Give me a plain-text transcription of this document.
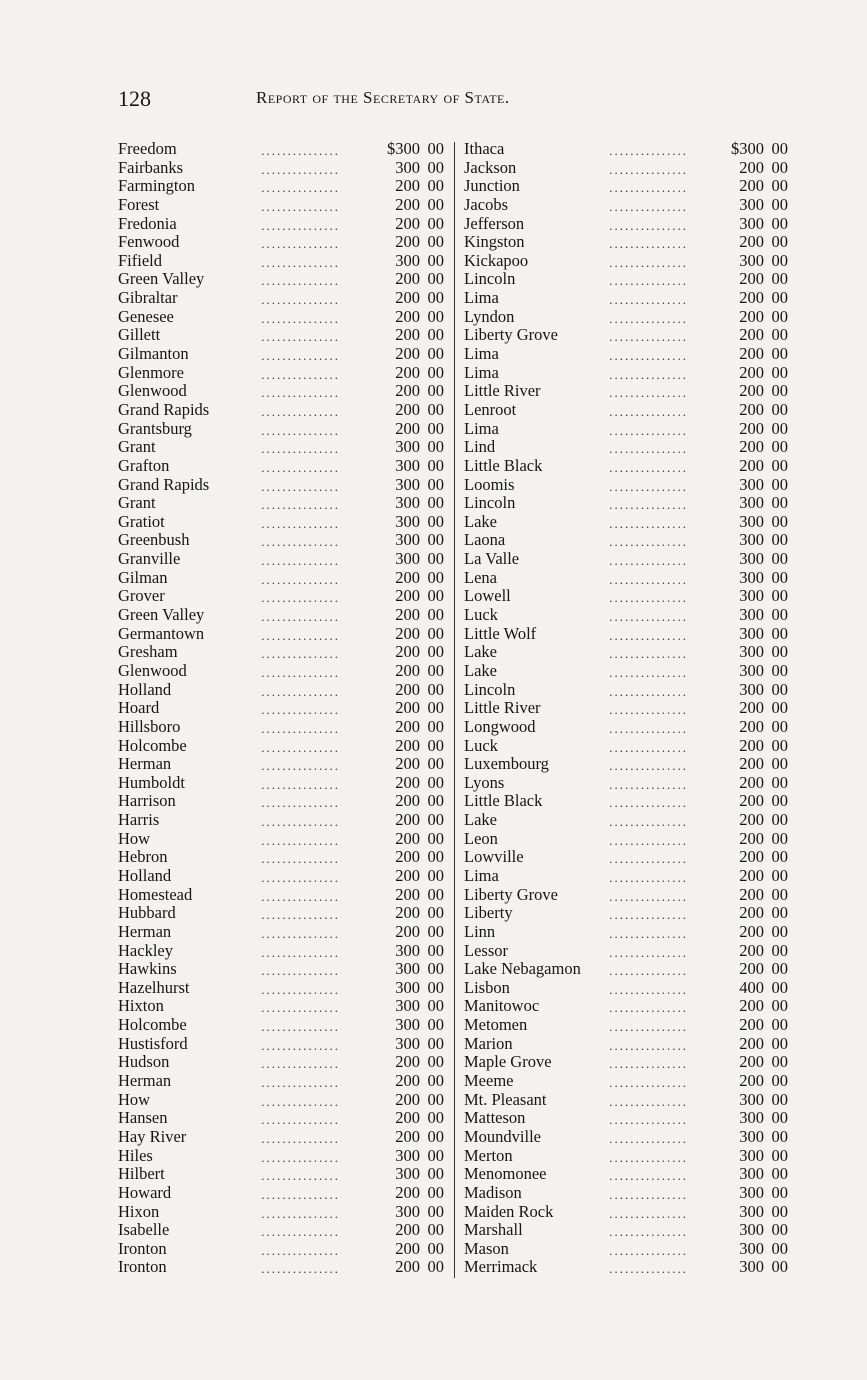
128	Report of the Secretary of State.
Freedom	...............	$300 00
Fairbanks	...............	300 00
Farmington	...............	200 00
Forest	...............	200 00
Fredonia	...............	200 00
Fenwood	...............	200 00
Fifield	...............	300 00
Green Valley	...............	200 00
Gibraltar	...............	200 00
Genesee	...............	200 00
Gillett	...............	200 00
Gilmanton	...............	200 00
Glenmore	...............	200 00
Glenwood	...............	200 00
Grand Rapids	...............	200 00
Grantsburg	...............	200 00
Grant	...............	300 00
Grafton	...............	300 00
Grand Rapids	...............	300 00
Grant	...............	300 00
Gratiot	...............	300 00
Greenbush	...............	300 00
Granville	...............	300 00
Gilman	...............	200 00
Grover	...............	200 00
Green Valley	...............	200 00
Germantown	...............	200 00
Gresham	...............	200 00
Glenwood	...............	200 00
Holland	...............	200 00
Hoard	...............	200 00
Hillsboro	...............	200 00
Holcombe	...............	200 00
Herman	...............	200 00
Humboldt	...............	200 00
Harrison	...............	200 00
Harris	...............	200 00
How	...............	200 00
Hebron	...............	200 00
Holland	...............	200 00
Homestead	...............	200 00
Hubbard	...............	200 00
Herman	...............	200 00
Hackley	...............	300 00
Hawkins	...............	300 00
Hazelhurst	...............	300 00
Hixton	...............	300 00
Holcombe	...............	300 00
Hustisford	...............	300 00
Hudson	...............	200 00
Herman	...............	200 00
How	...............	200 00
Hansen	...............	200 00
Hay River	...............	200 00
Hiles	...............	300 00
Hilbert	...............	300 00
Howard	...............	200 00
Hixon	...............	300 00
Isabelle	...............	200 00
Ironton	...............	200 00
Ironton	...............	200 00
Ithaca	...............	$300 00
Jackson	...............	200 00
Junction	...............	200 00
Jacobs	...............	300 00
Jefferson	...............	300 00
Kingston	...............	200 00
Kickapoo	...............	300 00
Lincoln	...............	200 00
Lima	...............	200 00
Lyndon	...............	200 00
Liberty Grove	...............	200 00
Lima	...............	200 00
Lima	...............	200 00
Little River	...............	200 00
Lenroot	...............	200 00
Lima	...............	200 00
Lind	...............	200 00
Little Black	...............	200 00
Loomis	...............	300 00
Lincoln	...............	300 00
Lake	...............	300 00
Laona	...............	300 00
La Valle	...............	300 00
Lena	...............	300 00
Lowell	...............	300 00
Luck	...............	300 00
Little Wolf	...............	300 00
Lake	...............	300 00
Lake	...............	300 00
Lincoln	...............	300 00
Little River	...............	200 00
Longwood	...............	200 00
Luck	...............	200 00
Luxembourg	...............	200 00
Lyons	...............	200 00
Little Black	...............	200 00
Lake	...............	200 00
Leon	...............	200 00
Lowville	...............	200 00
Lima	...............	200 00
Liberty Grove	...............	200 00
Liberty	...............	200 00
Linn	...............	200 00
Lessor	...............	200 00
Lake Nebagamon ...............	200 00
Lisbon	...............	400 00
Manitowoc	...............	200 00
Metomen	...............	200 00
Marion	...............	200 00
Maple Grove	...............	200 00
Meeme	...............	200 00
Mt. Pleasant	...............	300 00
Matteson	...............	300 00
Moundville	...............	300 00
Merton	...............	300 00
Menomonee	...............	300 00
Madison	...............	300 00
Maiden Rock	...............	300 00
Marshall	...............	300 00
Mason	...............	300 00
Merrimack	...............	300 00
